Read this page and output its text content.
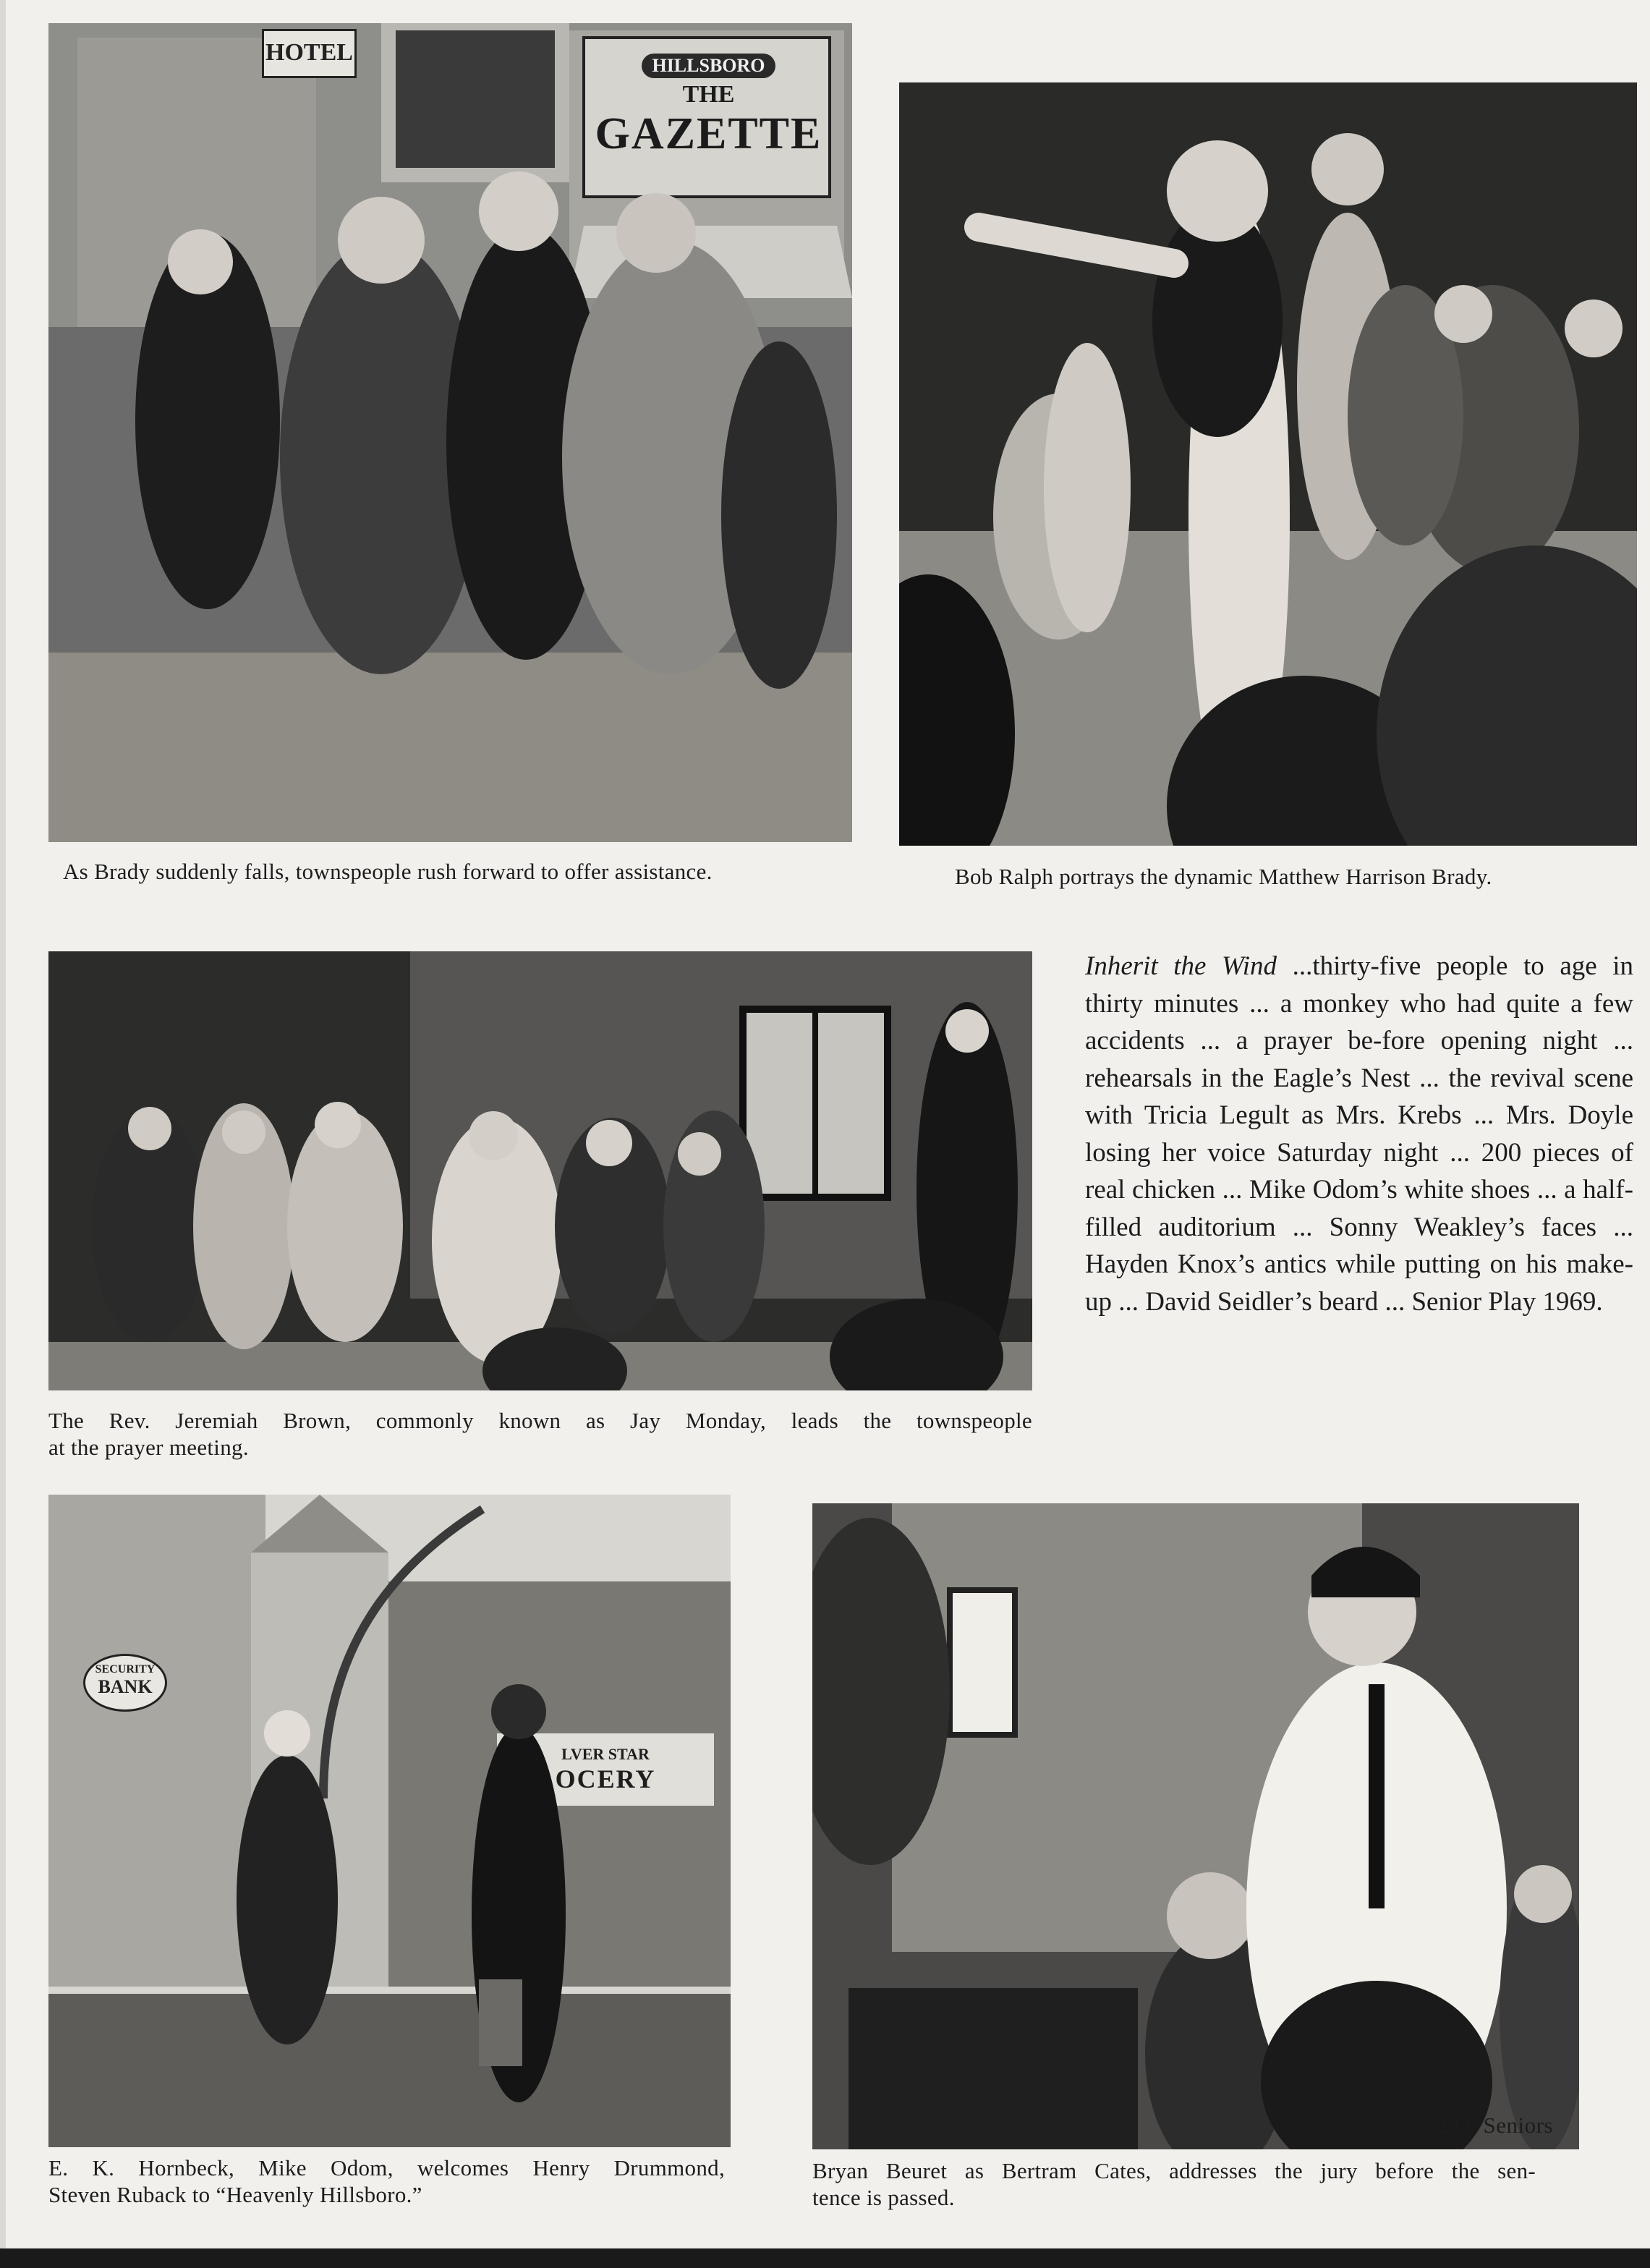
HOTEL	HILLSBORO
THE
GAZETTE
As Brady suddenly falls, townspeople rush forward to offer assistance.	Bob Ralph portrays the dynamic Matthew Harrison Brady.
The Rev. Jeremiah Brown, commonly known as Jay Monday, leads the townspeople
at the prayer meeting.
Inherit the Wind ...thirty-five people to age in thirty minutes ... a monkey who had quite a few accidents ... a prayer be-fore opening night ... rehearsals in the Eagle’s Nest ... the revival scene with Tricia Legult as Mrs. Krebs ... Mrs. Doyle losing her voice Saturday night ... 200 pieces of real chicken ... Mike Odom’s white shoes ... a half-filled auditorium ... Sonny Weakley’s faces ... Hayden Knox’s antics while putting on his make-up ... David Seidler’s beard ... Senior Play 1969.
SECURITY
BANK
LVER STAR
OCERY
E. K. Hornbeck, Mike Odom, welcomes Henry Drummond,
Steven Ruback to “Heavenly Hillsboro.”
Bryan Beuret as Bertram Cates, addresses the jury before the sen-
tence is passed.
293  Seniors
